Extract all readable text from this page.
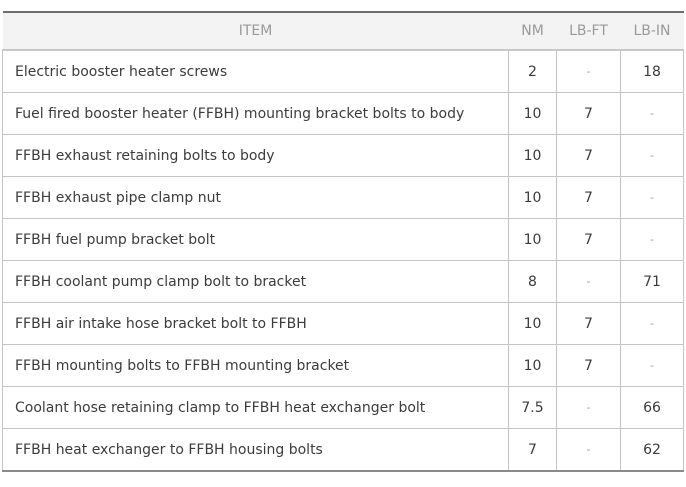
ITEM	NM	LB-FT	LB-IN
Electric booster heater screws	2	-	18
Fuel fired booster heater (FFBH) mounting bracket bolts to body	10	7	-
FFBH exhaust retaining bolts to body	10	7	-
FFBH exhaust pipe clamp nut	10	7	-
FFBH fuel pump bracket bolt	10	7	-
FFBH coolant pump clamp bolt to bracket	8	-	71
FFBH air intake hose bracket bolt to FFBH	10	7	-
FFBH mounting bolts to FFBH mounting bracket	10	7	-
Coolant hose retaining clamp to FFBH heat exchanger bolt	7.5	-	66
FFBH heat exchanger to FFBH housing bolts	7	-	62
